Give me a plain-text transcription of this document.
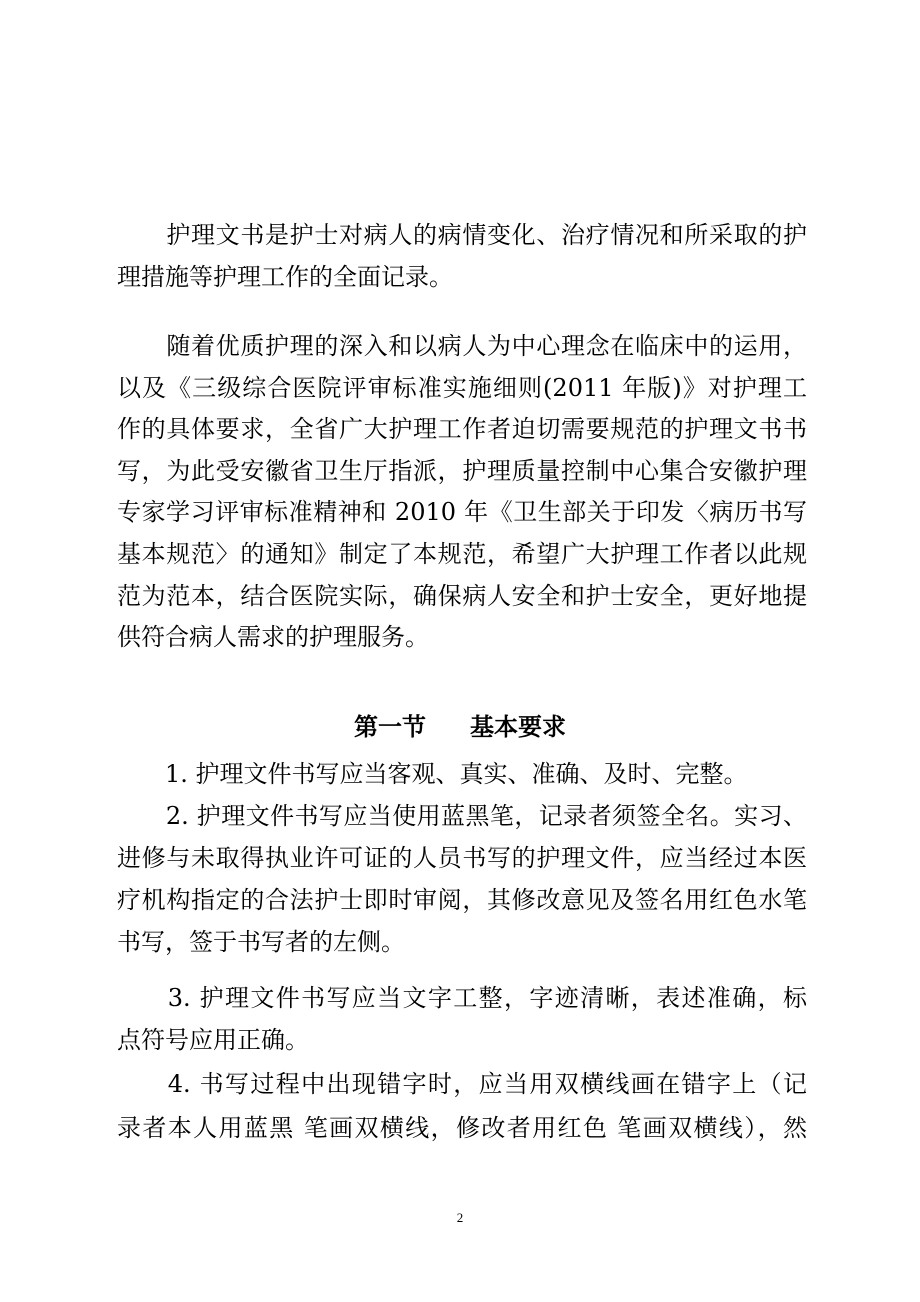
　　护理文书是护士对病人的病情变化、治疗情况和所采取的护
理措施等护理工作的全面记录。
　　随着优质护理的深入和以病人为中心理念在临床中的运用，
以及《三级综合医院评审标准实施细则(2011 年版)》对护理工
作的具体要求，全省广大护理工作者迫切需要规范的护理文书书
写，为此受安徽省卫生厅指派，护理质量控制中心集合安徽护理
专家学习评审标准精神和 2010 年《卫生部关于印发〈病历书写
基本规范〉的通知》制定了本规范，希望广大护理工作者以此规
范为范本，结合医院实际，确保病人安全和护士安全，更好地提
供符合病人需求的护理服务。
第一节 基本要求
　　1. 护理文件书写应当客观、真实、准确、及时、完整。
　　2. 护理文件书写应当使用蓝黑笔，记录者须签全名。实习、
进修与未取得执业许可证的人员书写的护理文件，应当经过本医
疗机构指定的合法护士即时审阅，其修改意见及签名用红色水笔
书写，签于书写者的左侧。
　　3. 护理文件书写应当文字工整，字迹清晰，表述准确，标
点符号应用正确。
　　4. 书写过程中出现错字时，应当用双横线画在错字上（记
录者本人用蓝黑 笔画双横线，修改者用红色 笔画双横线），然
2
